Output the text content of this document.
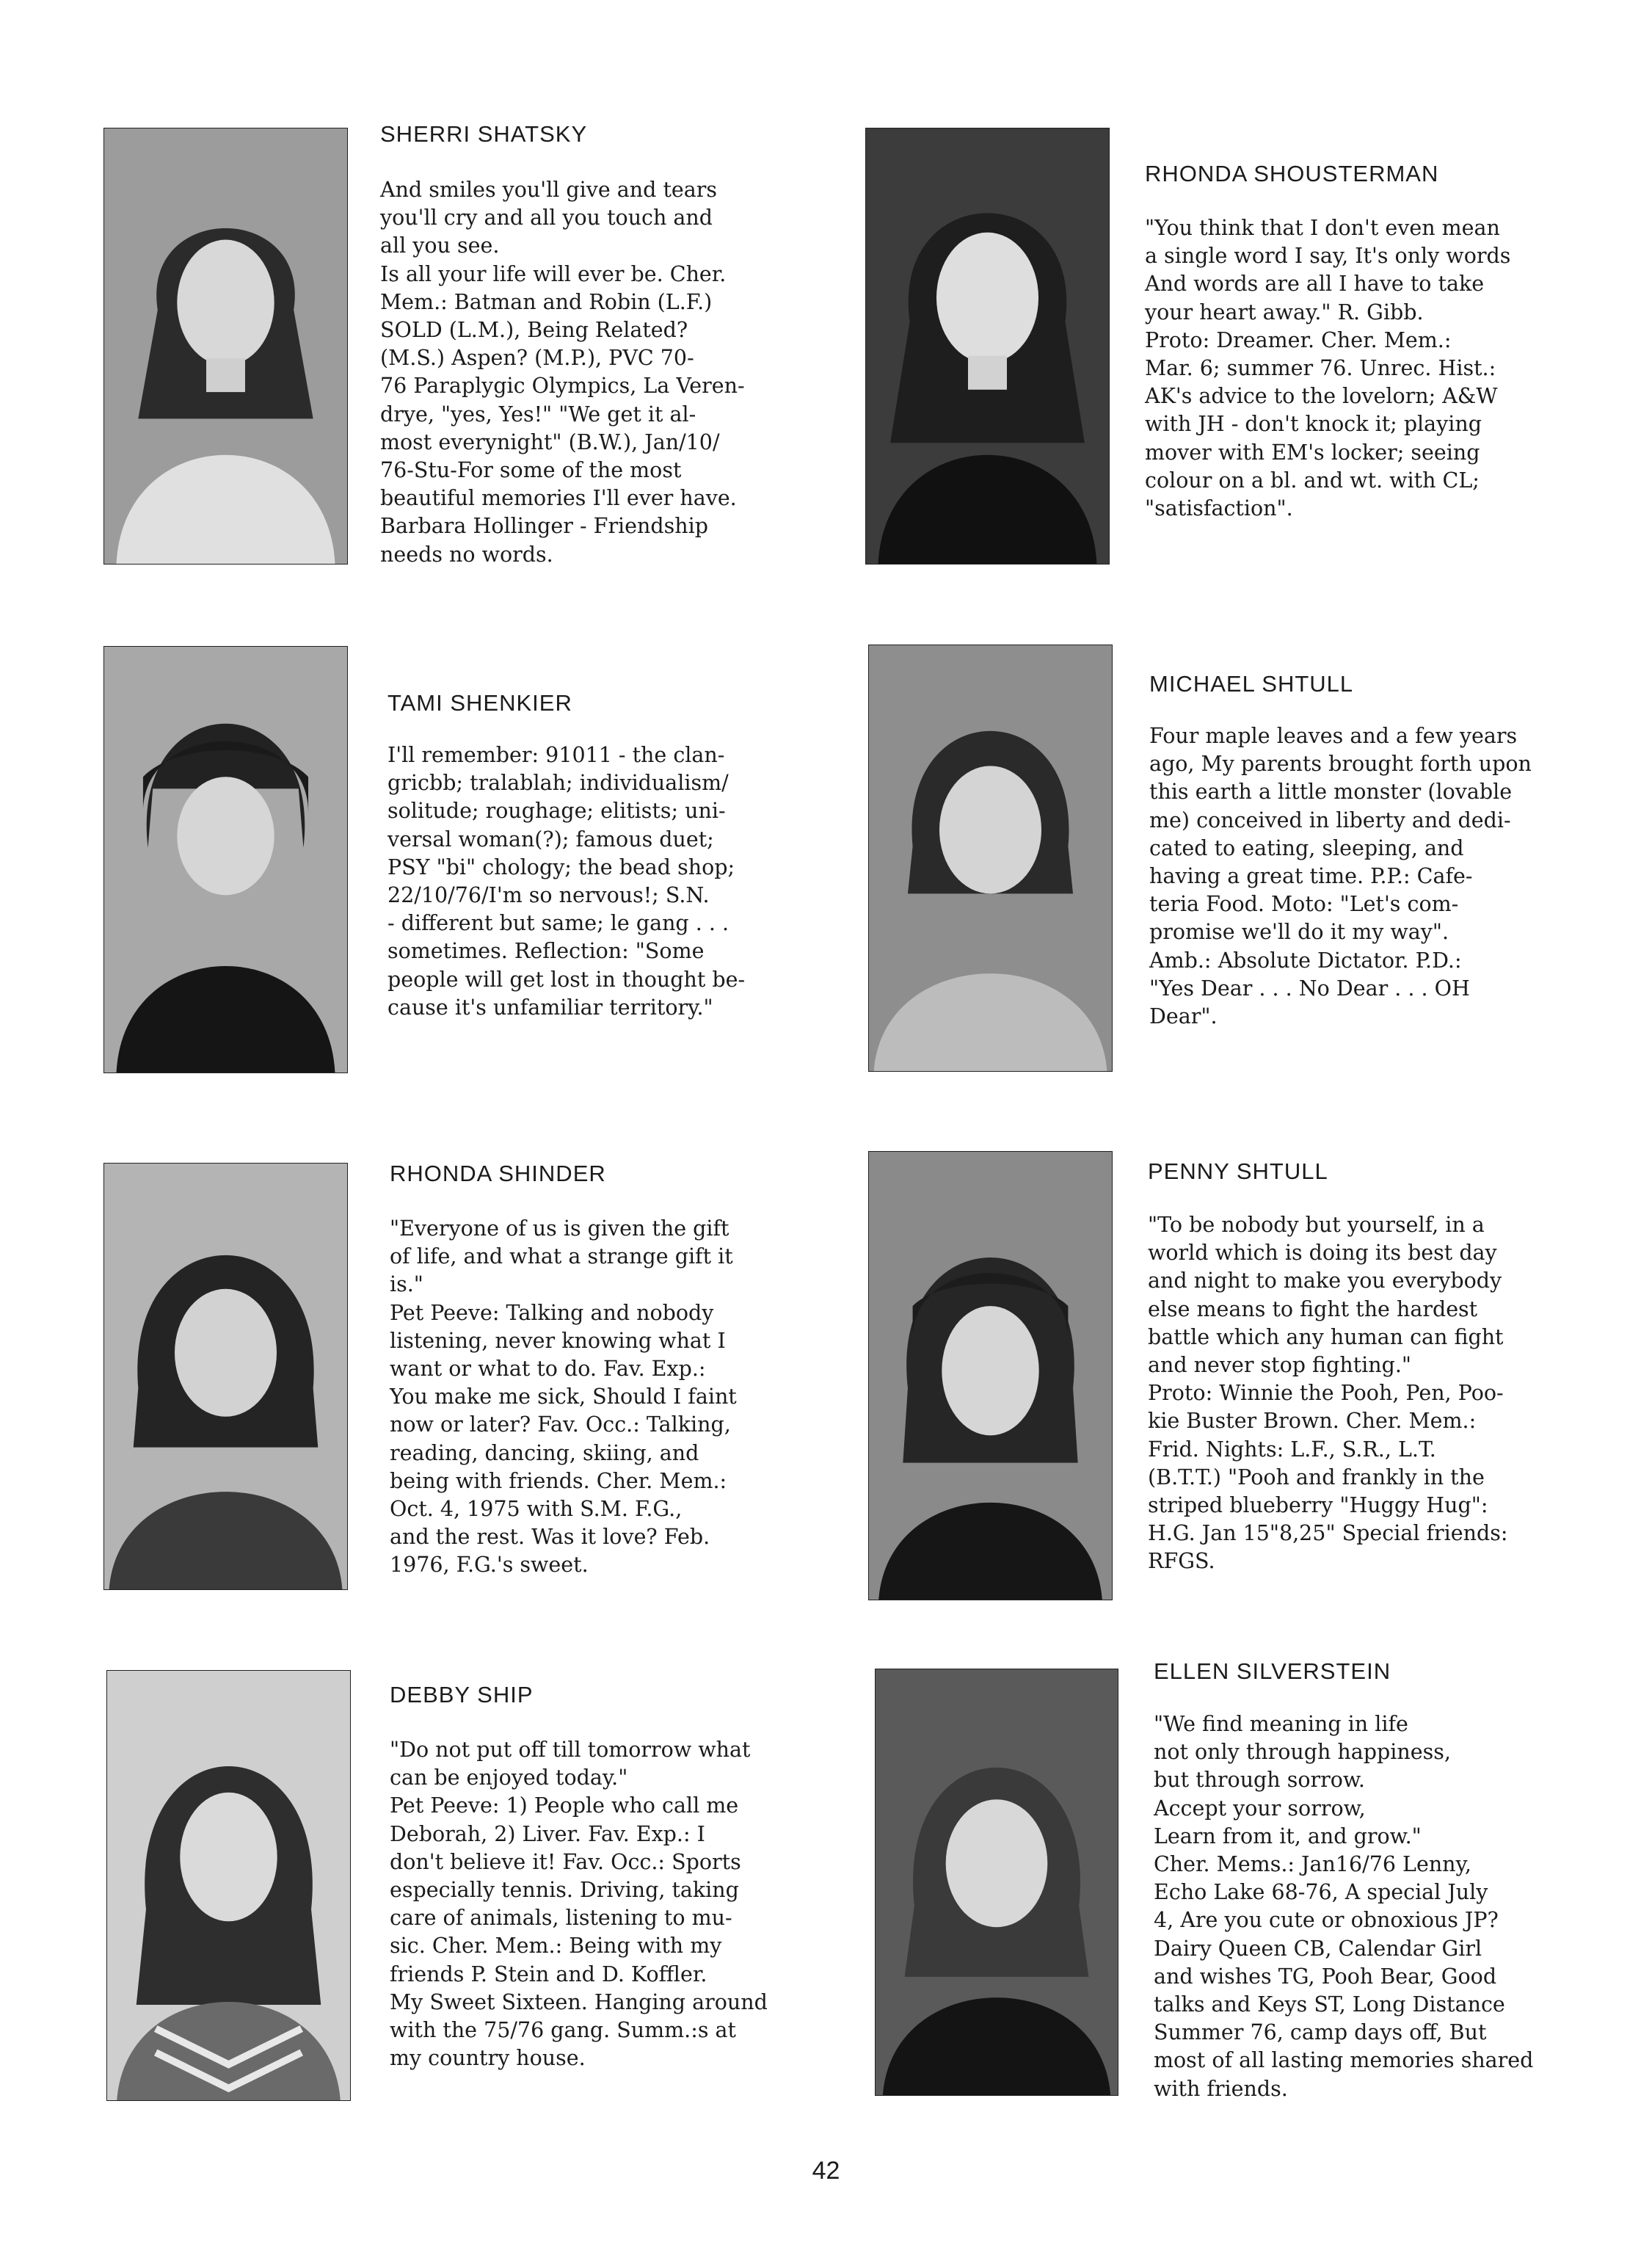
SHERRI SHATSKY

And smiles you'll give and tears
you'll cry and all you touch and
all you see.
Is all your life will ever be. Cher.
Mem.: Batman and Robin (L.F.)
SOLD (L.M.), Being Related?
(M.S.) Aspen? (M.P.), PVC 70-
76 Paraplygic Olympics, La Veren-
drye, "yes, Yes!" "We get it al-
most everynight" (B.W.), Jan/10/
76-Stu-For some of the most
beautiful memories I'll ever have.
Barbara Hollinger - Friendship
needs no words.

RHONDA SHOUSTERMAN

"You think that I don't even mean
a single word I say, It's only words
And words are all I have to take
your heart away." R. Gibb.
Proto: Dreamer. Cher. Mem.:
Mar. 6; summer 76. Unrec. Hist.:
AK's advice to the lovelorn; A&W
with JH - don't knock it; playing
mover with EM's locker; seeing
colour on a bl. and wt. with CL;
"satisfaction".

TAMI SHENKIER

I'll remember: 91011 - the clan-
gricbb; tralablah; individualism/
solitude; roughage; elitists; uni-
versal woman(?); famous duet;
PSY "bi" chology; the bead shop;
22/10/76/I'm so nervous!; S.N.
- different but same; le gang . . .
sometimes. Reflection: "Some
people will get lost in thought be-
cause it's unfamiliar territory."

MICHAEL SHTULL

Four maple leaves and a few years
ago, My parents brought forth upon
this earth a little monster (lovable
me) conceived in liberty and dedi-
cated to eating, sleeping, and
having a great time. P.P.: Cafe-
teria Food. Moto: "Let's com-
promise we'll do it my way".
Amb.: Absolute Dictator. P.D.:
"Yes Dear . . . No Dear . . . OH
Dear".

RHONDA SHINDER

"Everyone of us is given the gift
of life, and what a strange gift it
is."
Pet Peeve: Talking and nobody
listening, never knowing what I
want or what to do. Fav. Exp.:
You make me sick, Should I faint
now or later? Fav. Occ.: Talking,
reading, dancing, skiing, and
being with friends. Cher. Mem.:
Oct. 4, 1975 with S.M. F.G.,
and the rest. Was it love? Feb.
1976, F.G.'s sweet.

PENNY SHTULL

"To be nobody but yourself, in a
world which is doing its best day
and night to make you everybody
else means to fight the hardest
battle which any human can fight
and never stop fighting."
Proto: Winnie the Pooh, Pen, Poo-
kie Buster Brown. Cher. Mem.:
Frid. Nights: L.F., S.R., L.T.
(B.T.T.) "Pooh and frankly in the
striped blueberry "Huggy Hug":
H.G. Jan 15"8,25" Special friends:
RFGS.

DEBBY SHIP

"Do not put off till tomorrow what
can be enjoyed today."
Pet Peeve: 1) People who call me
Deborah, 2) Liver. Fav. Exp.: I
don't believe it! Fav. Occ.: Sports
especially tennis. Driving, taking
care of animals, listening to mu-
sic. Cher. Mem.: Being with my
friends P. Stein and D. Koffler.
My Sweet Sixteen. Hanging around
with the 75/76 gang. Summ.:s at
my country house.

ELLEN SILVERSTEIN

"We find meaning in life
not only through happiness,
but through sorrow.
Accept your sorrow,
Learn from it, and grow."
Cher. Mems.: Jan16/76 Lenny,
Echo Lake 68-76, A special July
4, Are you cute or obnoxious JP?
Dairy Queen CB, Calendar Girl
and wishes TG, Pooh Bear, Good
talks and Keys ST, Long Distance
Summer 76, camp days off, But
most of all lasting memories shared
with friends.

42
